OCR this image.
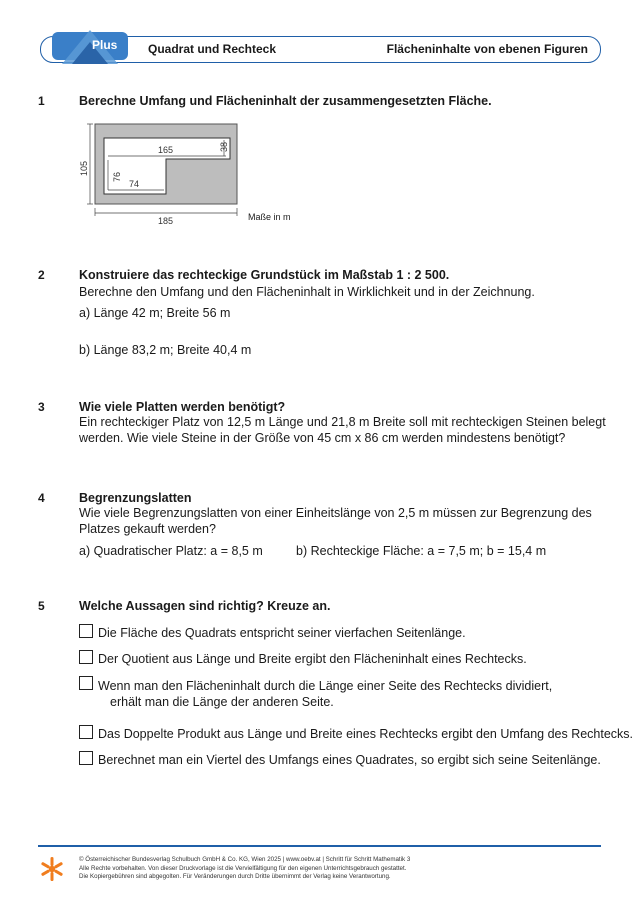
Plus	Quadrat und Rechteck	Flächeninhalte von ebenen Figuren
1	Berechne Umfang und Flächeninhalt der zusammengesetzten Fläche.
165	38
76
74
105
185	Maße in m
2	Konstruiere das rechteckige Grundstück im Maßstab 1 : 2 500.
Berechne den Umfang und den Flächeninhalt in Wirklichkeit und in der Zeichnung.
a) Länge 42 m; Breite 56 m
b) Länge 83,2 m; Breite 40,4 m
3	Wie viele Platten werden benötigt?
Ein rechteckiger Platz von 12,5 m Länge und 21,8 m Breite soll mit rechteckigen Steinen belegt
werden. Wie viele Steine in der Größe von 45 cm x 86 cm werden mindestens benötigt?
4	Begrenzungslatten
Wie viele Begrenzungslatten von einer Einheitslänge von 2,5 m müssen zur Begrenzung des
Platzes gekauft werden?
a) Quadratischer Platz: a = 8,5 m	b) Rechteckige Fläche: a = 7,5 m; b = 15,4 m
5	Welche Aussagen sind richtig? Kreuze an.
Die Fläche des Quadrats entspricht seiner vierfachen Seitenlänge.
Der Quotient aus Länge und Breite ergibt den Flächeninhalt eines Rechtecks.
Wenn man den Flächeninhalt durch die Länge einer Seite des Rechtecks dividiert,
erhält man die Länge der anderen Seite.
Das Doppelte Produkt aus Länge und Breite eines Rechtecks ergibt den Umfang des Rechtecks.
Berechnet man ein Viertel des Umfangs eines Quadrates, so ergibt sich seine Seitenlänge.
© Österreichischer Bundesverlag Schulbuch GmbH & Co. KG, Wien 2025 | www.oebv.at | Schritt für Schritt Mathematik 3
Alle Rechte vorbehalten. Von dieser Druckvorlage ist die Vervielfältigung für den eigenen Unterrichtsgebrauch gestattet.
Die Kopiergebühren sind abgegolten. Für Veränderungen durch Dritte übernimmt der Verlag keine Verantwortung.
